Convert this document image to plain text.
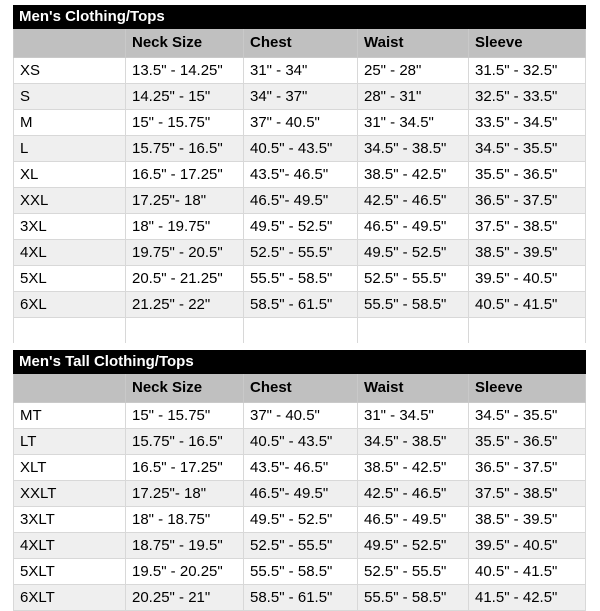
Men's Clothing/Tops				
	Neck Size	Chest	Waist	Sleeve
XS	13.5" - 14.25"	31" - 34"	25" - 28"	31.5" - 32.5"
S	14.25" - 15"	34" - 37"	28" - 31"	32.5" - 33.5"
M	15" - 15.75"	37" - 40.5"	31" - 34.5"	33.5" - 34.5"
L	15.75" - 16.5"	40.5" - 43.5"	34.5" - 38.5"	34.5" - 35.5"
XL	16.5" - 17.25"	43.5"- 46.5"	38.5" - 42.5"	35.5" - 36.5"
XXL	17.25"- 18"	46.5"- 49.5"	42.5" - 46.5"	36.5" - 37.5"
3XL	18" - 19.75"	49.5" - 52.5"	46.5" - 49.5"	37.5" - 38.5"
4XL	19.75" - 20.5"	52.5" - 55.5"	49.5" - 52.5"	38.5" - 39.5"
5XL	20.5" - 21.25"	55.5" - 58.5"	52.5" - 55.5"	39.5" - 40.5"
6XL	21.25" - 22"	58.5" - 61.5"	55.5" - 58.5"	40.5" - 41.5"

Men's Tall Clothing/Tops				
	Neck Size	Chest	Waist	Sleeve
MT	15" - 15.75"	37" - 40.5"	31" - 34.5"	34.5" - 35.5"
LT	15.75" - 16.5"	40.5" - 43.5"	34.5" - 38.5"	35.5" - 36.5"
XLT	16.5" - 17.25"	43.5"- 46.5"	38.5" - 42.5"	36.5" - 37.5"
XXLT	17.25"- 18"	46.5"- 49.5"	42.5" - 46.5"	37.5" - 38.5"
3XLT	18" - 18.75"	49.5" - 52.5"	46.5" - 49.5"	38.5" - 39.5"
4XLT	18.75" - 19.5"	52.5" - 55.5"	49.5" - 52.5"	39.5" - 40.5"
5XLT	19.5" - 20.25"	55.5" - 58.5"	52.5" - 55.5"	40.5" - 41.5"
6XLT	20.25" - 21"	58.5" - 61.5"	55.5" - 58.5"	41.5" - 42.5"
